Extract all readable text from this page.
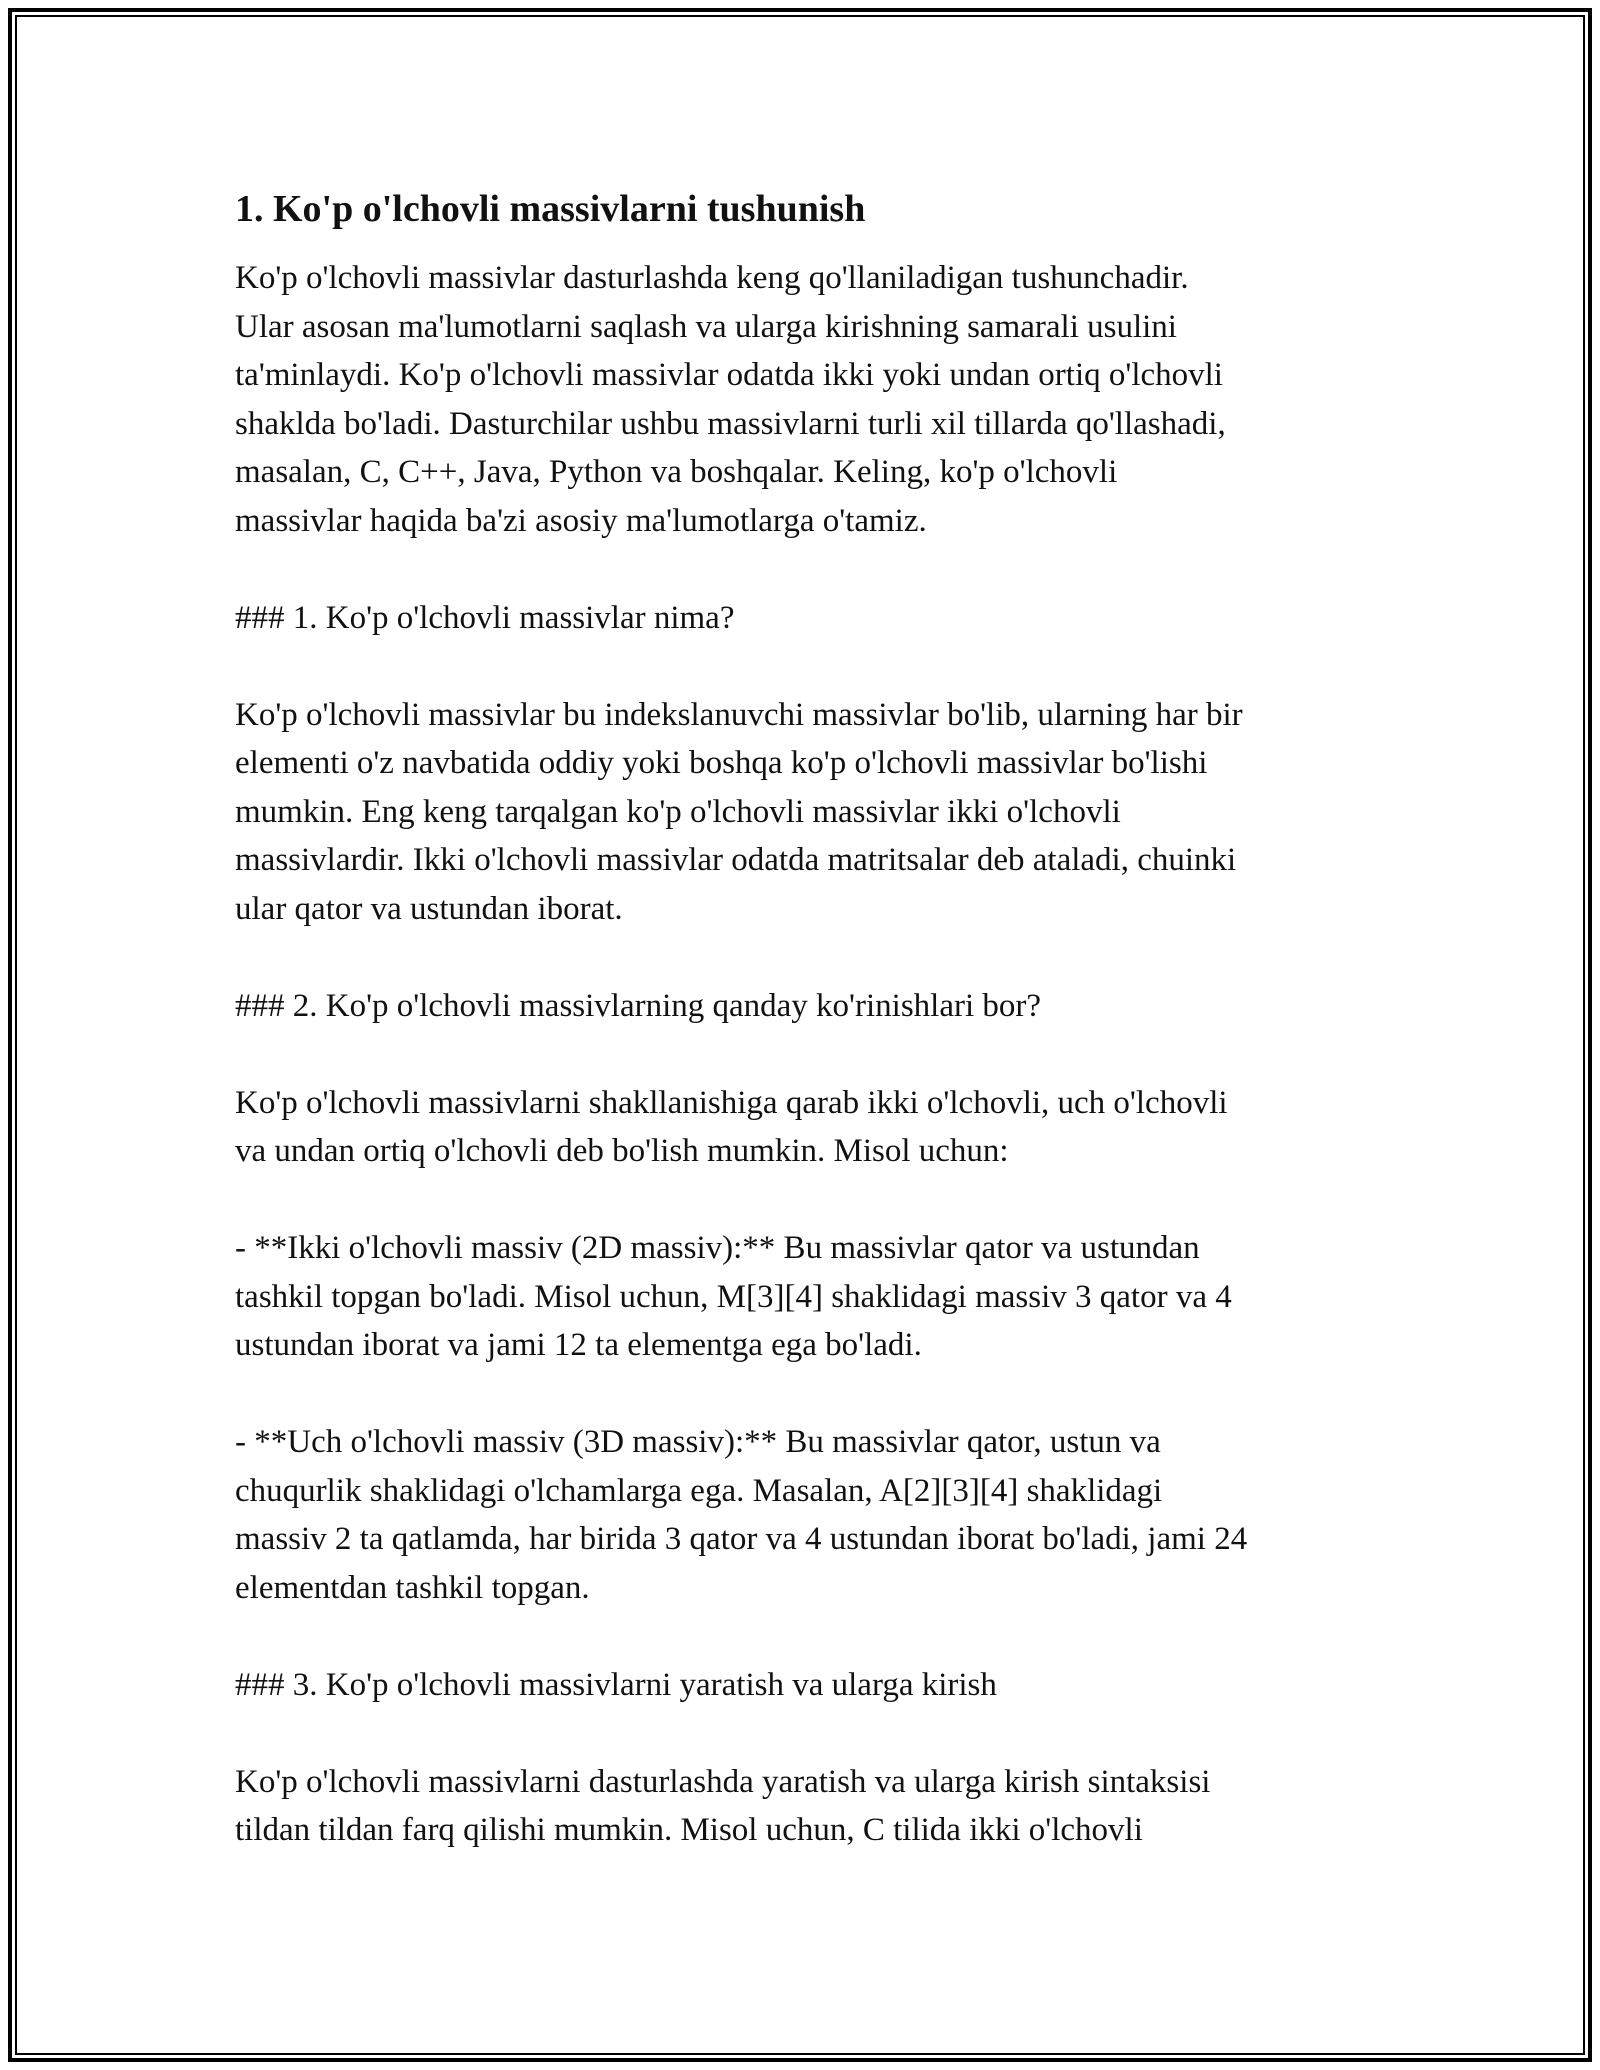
1. Ko'p o'lchovli massivlarni tushunish

Ko'p o'lchovli massivlar dasturlashda keng qo'llaniladigan tushunchadir.
Ular asosan ma'lumotlarni saqlash va ularga kirishning samarali usulini
ta'minlaydi. Ko'p o'lchovli massivlar odatda ikki yoki undan ortiq o'lchovli
shaklda bo'ladi. Dasturchilar ushbu massivlarni turli xil tillarda qo'llashadi,
masalan, C, C++, Java, Python va boshqalar. Keling, ko'p o'lchovli
massivlar haqida ba'zi asosiy ma'lumotlarga o'tamiz.

### 1. Ko'p o'lchovli massivlar nima?

Ko'p o'lchovli massivlar bu indekslanuvchi massivlar bo'lib, ularning har bir
elementi o'z navbatida oddiy yoki boshqa ko'p o'lchovli massivlar bo'lishi
mumkin. Eng keng tarqalgan ko'p o'lchovli massivlar ikki o'lchovli
massivlardir. Ikki o'lchovli massivlar odatda matritsalar deb ataladi, chuinki
ular qator va ustundan iborat.

### 2. Ko'p o'lchovli massivlarning qanday ko'rinishlari bor?

Ko'p o'lchovli massivlarni shakllanishiga qarab ikki o'lchovli, uch o'lchovli
va undan ortiq o'lchovli deb bo'lish mumkin. Misol uchun:

- **Ikki o'lchovli massiv (2D massiv):** Bu massivlar qator va ustundan
tashkil topgan bo'ladi. Misol uchun, M[3][4] shaklidagi massiv 3 qator va 4
ustundan iborat va jami 12 ta elementga ega bo'ladi.

- **Uch o'lchovli massiv (3D massiv):** Bu massivlar qator, ustun va
chuqurlik shaklidagi o'lchamlarga ega. Masalan, A[2][3][4] shaklidagi
massiv 2 ta qatlamda, har birida 3 qator va 4 ustundan iborat bo'ladi, jami 24
elementdan tashkil topgan.

### 3. Ko'p o'lchovli massivlarni yaratish va ularga kirish

Ko'p o'lchovli massivlarni dasturlashda yaratish va ularga kirish sintaksisi
tildan tildan farq qilishi mumkin. Misol uchun, C tilida ikki o'lchovli
